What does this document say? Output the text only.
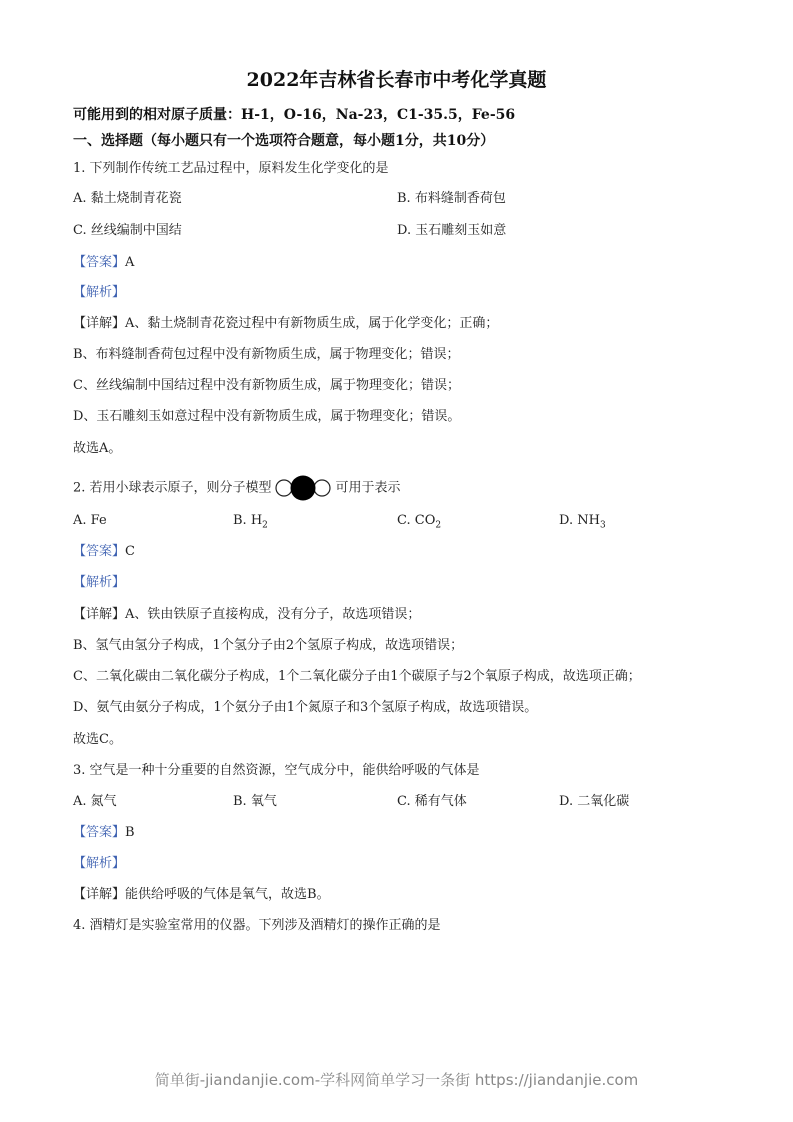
2022年吉林省长春市中考化学真题
可能用到的相对原子质量：H-1，O-16，Na-23，C1-35.5，Fe-56
一、选择题（每小题只有一个选项符合题意，每小题1分，共10分）
1. 下列制作传统工艺品过程中，原料发生化学变化的是
A. 黏土烧制青花瓷	B. 布料缝制香荷包
C. 丝线编制中国结	D. 玉石雕刻玉如意
【答案】A
【解析】
【详解】A、黏土烧制青花瓷过程中有新物质生成，属于化学变化；正确；
B、布料缝制香荷包过程中没有新物质生成，属于物理变化；错误；
C、丝线编制中国结过程中没有新物质生成，属于物理变化；错误；
D、玉石雕刻玉如意过程中没有新物质生成，属于物理变化；错误。
故选A。
2. 若用小球表示原子，则分子模型	可用于表示
A. Fe	B. $H_2$	C. $CO_2$	D. $NH_3$
【答案】C
【解析】
【详解】A、铁由铁原子直接构成，没有分子，故选项错误；
B、氢气由氢分子构成，1个氢分子由2个氢原子构成，故选项错误；
C、二氧化碳由二氧化碳分子构成，1个二氧化碳分子由1个碳原子与2个氧原子构成，故选项正确；
D、氨气由氨分子构成，1个氨分子由1个氮原子和3个氢原子构成，故选项错误。
故选C。
3. 空气是一种十分重要的自然资源，空气成分中，能供给呼吸的气体是
A. 氮气	B. 氧气	C. 稀有气体	D. 二氧化碳
【答案】B
【解析】
【详解】能供给呼吸的气体是氧气，故选B。
4. 酒精灯是实验室常用的仪器。下列涉及酒精灯的操作正确的是
简单街-jiandanjie.com-学科网简单学习一条街 https://jiandanjie.com
